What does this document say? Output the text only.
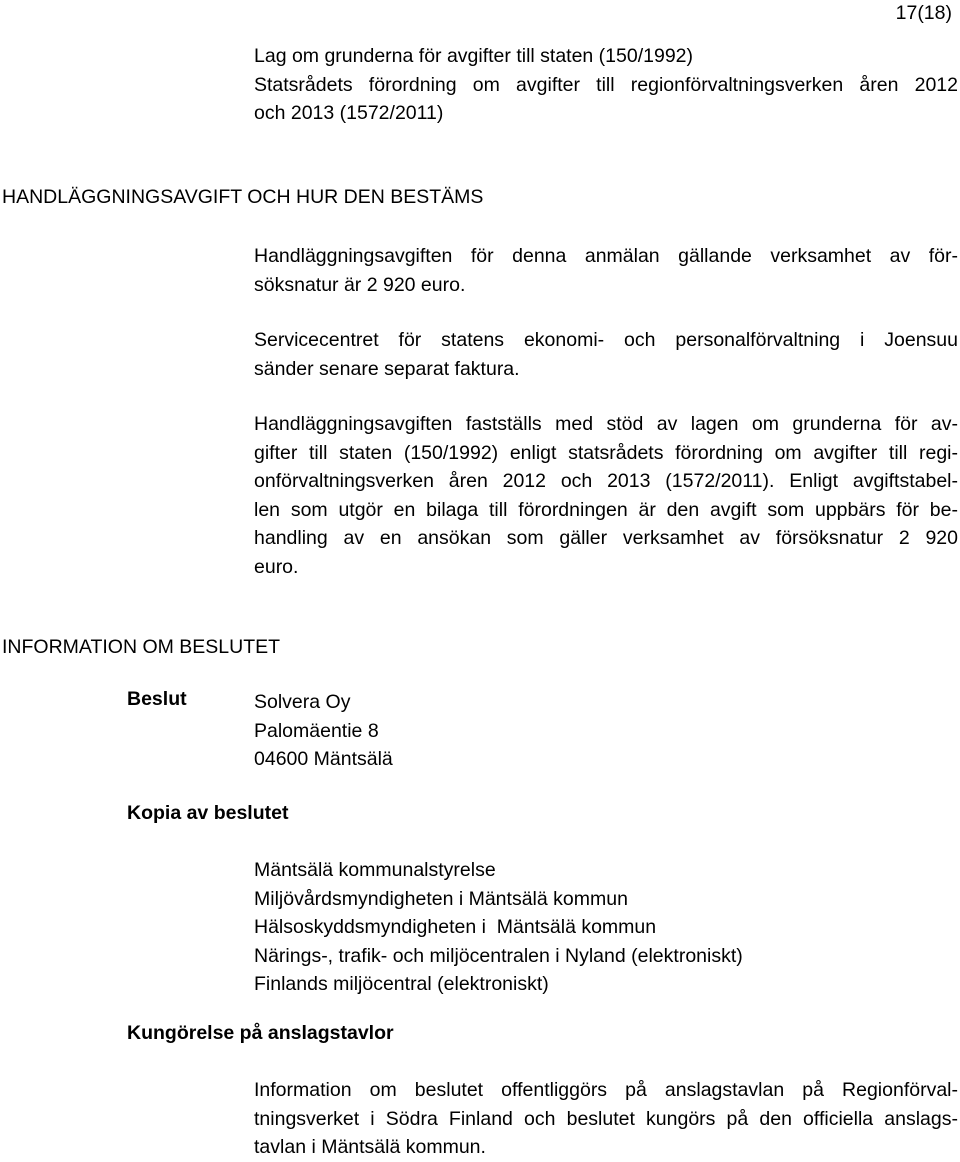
17(18)
Lag om grunderna för avgifter till staten (150/1992)
Statsrådets förordning om avgifter till regionförvaltningsverken åren 2012
och 2013 (1572/2011)
HANDLÄGGNINGSAVGIFT OCH HUR DEN BESTÄMS
Handläggningsavgiften för denna anmälan gällande verksamhet av för-
söksnatur är 2 920 euro.
Servicecentret för statens ekonomi- och personalförvaltning i Joensuu
sänder senare separat faktura.
Handläggningsavgiften fastställs med stöd av lagen om grunderna för av-
gifter till staten (150/1992) enligt statsrådets förordning om avgifter till regi-
onförvaltningsverken åren 2012 och 2013 (1572/2011). Enligt avgiftstabel-
len som utgör en bilaga till förordningen är den avgift som uppbärs för be-
handling av en ansökan som gäller verksamhet av försöksnatur 2 920
euro.
INFORMATION OM BESLUTET
Beslut	Solvera Oy
Palomäentie 8
04600 Mäntsälä
Kopia av beslutet
Mäntsälä kommunalstyrelse
Miljövårdsmyndigheten i Mäntsälä kommun
Hälsoskyddsmyndigheten i  Mäntsälä kommun
Närings-, trafik- och miljöcentralen i Nyland (elektroniskt)
Finlands miljöcentral (elektroniskt)
Kungörelse på anslagstavlor
Information om beslutet offentliggörs på anslagstavlan på Regionförval-
tningsverket i Södra Finland och beslutet kungörs på den officiella anslags-
tavlan i Mäntsälä kommun.
